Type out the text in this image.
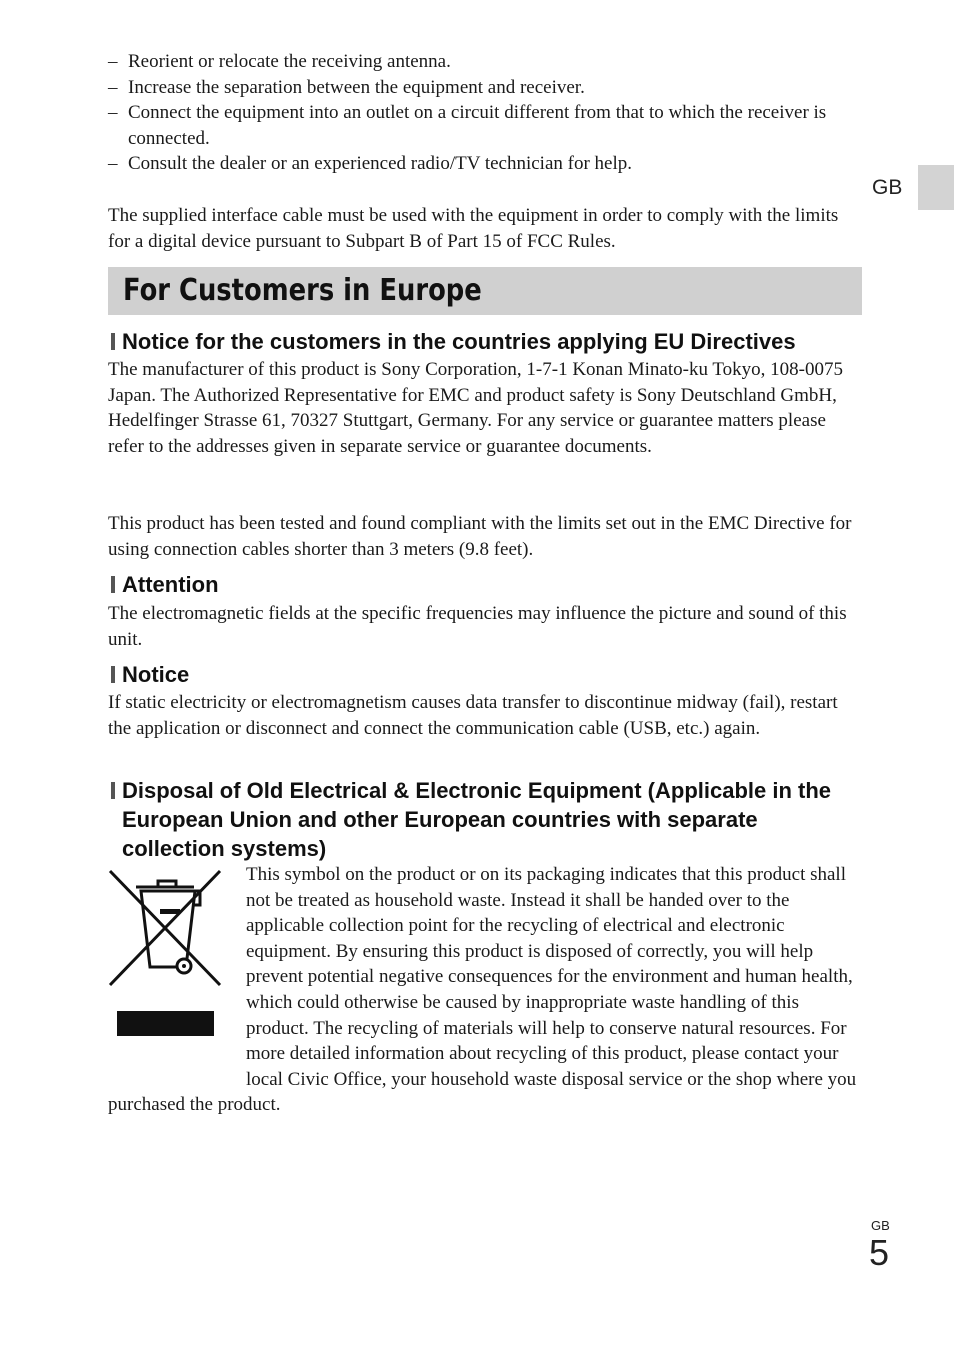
GB
– Reorient or relocate the receiving antenna.
– Increase the separation between the equipment and receiver.
– Connect the equipment into an outlet on a circuit different from that to which the receiver is connected.
– Consult the dealer or an experienced radio/TV technician for help.

The supplied interface cable must be used with the equipment in order to comply with the limits for a digital device pursuant to Subpart B of Part 15 of FCC Rules.

For Customers in Europe
Notice for the customers in the countries applying EU Directives

The manufacturer of this product is Sony Corporation, 1-7-1 Konan Minato-ku Tokyo, 108-0075 Japan. The Authorized Representative for EMC and product safety is Sony Deutschland GmbH, Hedelfinger Strasse 61, 70327 Stuttgart, Germany. For any service or guarantee matters please refer to the addresses given in separate service or guarantee documents.

This product has been tested and found compliant with the limits set out in the EMC Directive for using connection cables shorter than 3 meters (9.8 feet).

Attention

The electromagnetic fields at the specific frequencies may influence the picture and sound of this unit.

Notice

If static electricity or electromagnetism causes data transfer to discontinue midway (fail), restart the application or disconnect and connect the communication cable (USB, etc.) again.

Disposal of Old Electrical & Electronic Equipment (Applicable in the European Union and other European countries with separate collection systems)

This symbol on the product or on its packaging indicates that this product shall not be treated as household waste. Instead it shall be handed over to the applicable collection point for the recycling of electrical and electronic equipment. By ensuring this product is disposed of correctly, you will help prevent potential negative consequences for the environment and human health, which could otherwise be caused by inappropriate waste handling of this product. The recycling of materials will help to conserve natural resources. For more detailed information about recycling of this product, please contact your local Civic Office, your household waste disposal service or the shop where you purchased the product.

GB
5
